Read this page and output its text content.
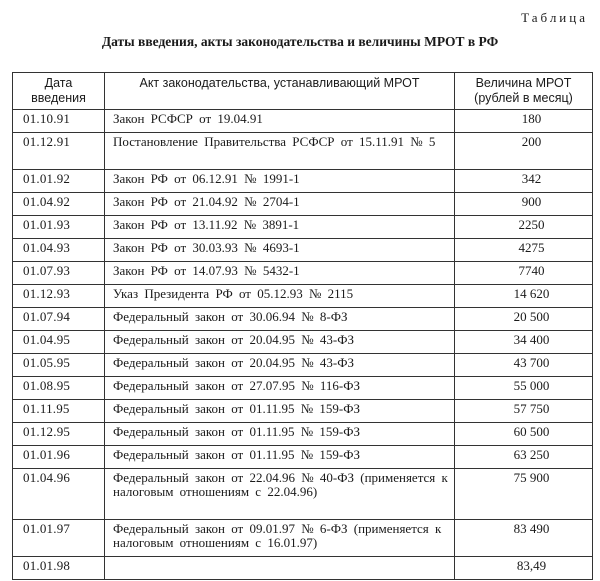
Таблица
Даты введения, акты законодательства и величины МРОТ в РФ
Дата введения	Акт законодательства, устанавливающий МРОТ	Величина МРОТ (рублей в месяц)
01.10.91	Закон РСФСР от 19.04.91	180
01.12.91	Постановление Правительства РСФСР от 15.11.91 № 5	200
01.01.92	Закон РФ от 06.12.91 № 1991-1	342
01.04.92	Закон РФ от 21.04.92 № 2704-1	900
01.01.93	Закон РФ от 13.11.92 № 3891-1	2250
01.04.93	Закон РФ от 30.03.93 № 4693-1	4275
01.07.93	Закон РФ от 14.07.93 № 5432-1	7740
01.12.93	Указ Президента РФ от 05.12.93 № 2115	14 620
01.07.94	Федеральный закон от 30.06.94 № 8-ФЗ	20 500
01.04.95	Федеральный закон от 20.04.95 № 43-ФЗ	34 400
01.05.95	Федеральный закон от 20.04.95 № 43-ФЗ	43 700
01.08.95	Федеральный закон от 27.07.95 № 116-ФЗ	55 000
01.11.95	Федеральный закон от 01.11.95 № 159-ФЗ	57 750
01.12.95	Федеральный закон от 01.11.95 № 159-ФЗ	60 500
01.01.96	Федеральный закон от 01.11.95 № 159-ФЗ	63 250
01.04.96	Федеральный закон от 22.04.96 № 40-ФЗ (применяется к налоговым отношениям с 22.04.96)	75 900
01.01.97	Федеральный закон от 09.01.97 № 6-ФЗ (применяется к налоговым отношениям с 16.01.97)	83 490
01.01.98		83,49
